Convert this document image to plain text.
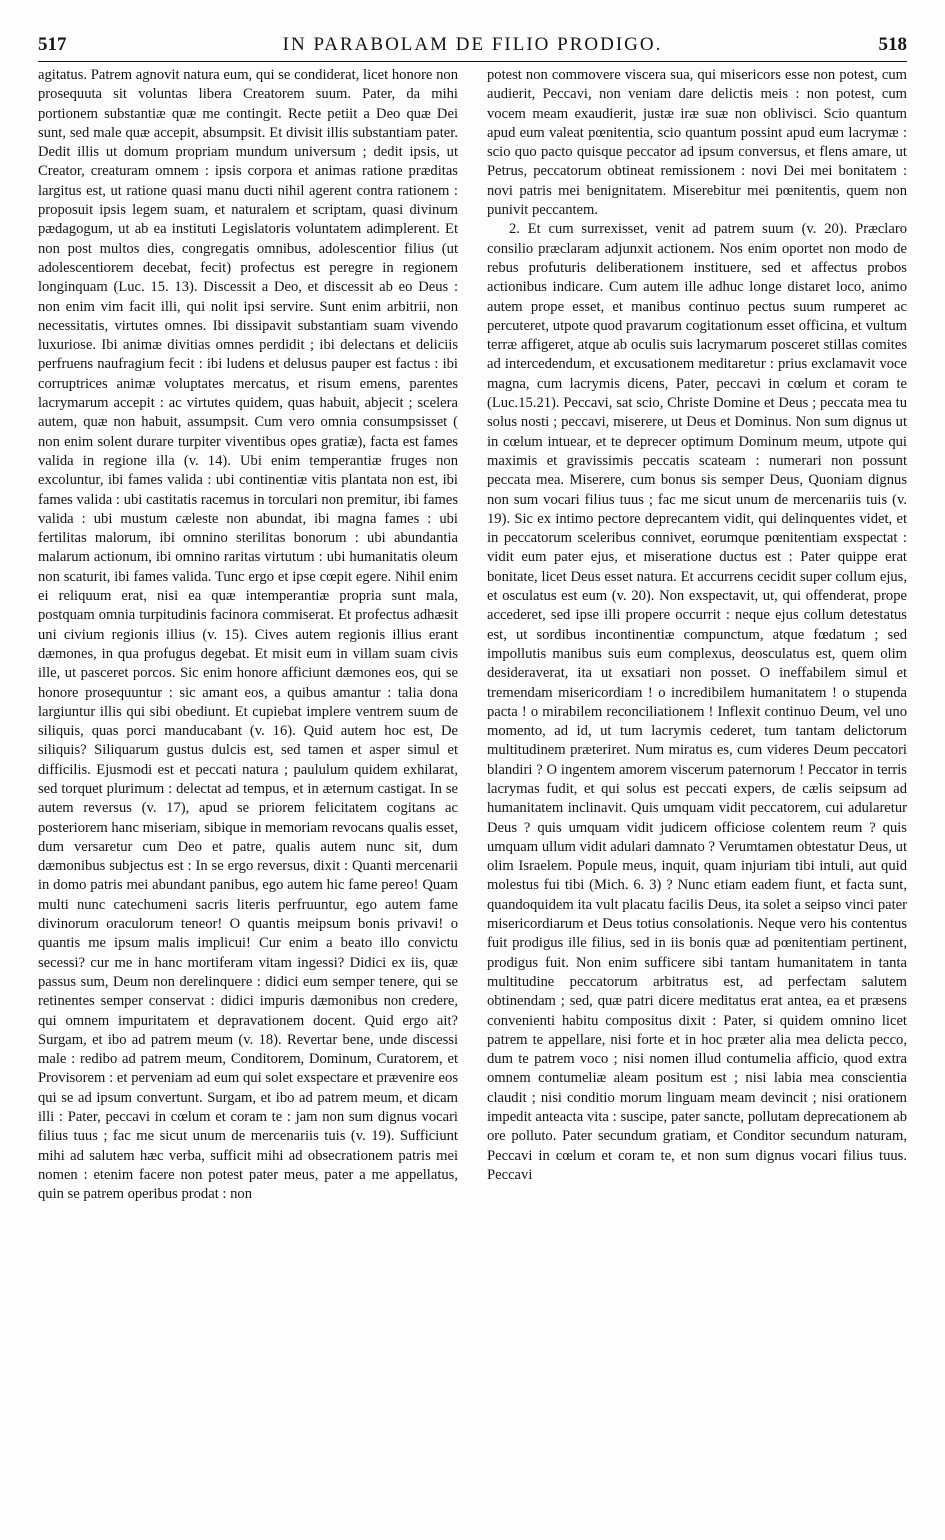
517	IN PARABOLAM DE FILIO PRODIGO.	518

agitatus. Patrem agnovit natura eum, qui se condiderat, licet honore non prosequuta sit voluntas libera Creatorem suum. Pater, da mihi portionem substantiæ quæ me contingit. Recte petiit a Deo quæ Dei sunt, sed male quæ accepit, absumpsit. Et divisit illis substantiam pater. Dedit illis ut domum propriam mundum universum ; dedit ipsis, ut Creator, creaturam omnem : ipsis corpora et animas ratione præditas largitus est, ut ratione quasi manu ducti nihil agerent contra rationem : proposuit ipsis legem suam, et naturalem et scriptam, quasi divinum pædagogum, ut ab ea instituti Legislatoris voluntatem adimplerent. Et non post multos dies, congregatis omnibus, adolescentior filius (ut adolescentiorem decebat, fecit) profectus est peregre in regionem longinquam (Luc. 15. 13). Discessit a Deo, et discessit ab eo Deus : non enim vim facit illi, qui nolit ipsi servire. Sunt enim arbitrii, non necessitatis, virtutes omnes. Ibi dissipavit substantiam suam vivendo luxuriose. Ibi animæ divitias omnes perdidit ; ibi delectans et deliciis perfruens naufragium fecit : ibi ludens et delusus pauper est factus : ibi corruptrices animæ voluptates mercatus, et risum emens, parentes lacrymarum accepit : ac virtutes quidem, quas habuit, abjecit ; scelera autem, quæ non habuit, assumpsit. Cum vero omnia consumpsisset ( non enim solent durare turpiter viventibus opes gratiæ), facta est fames valida in regione illa (v. 14). Ubi enim temperantiæ fruges non excoluntur, ibi fames valida : ubi continentiæ vitis plantata non est, ibi fames valida : ubi castitatis racemus in torculari non premitur, ibi fames valida : ubi mustum cæleste non abundat, ibi magna fames : ubi fertilitas malorum, ibi omnino sterilitas bonorum : ubi abundantia malarum actionum, ibi omnino raritas virtutum : ubi humanitatis oleum non scaturit, ibi fames valida. Tunc ergo et ipse cœpit egere. Nihil enim ei reliquum erat, nisi ea quæ intemperantiæ propria sunt mala, postquam omnia turpitudinis facinora commiserat. Et profectus adhæsit uni civium regionis illius (v. 15). Cives autem regionis illius erant dæmones, in qua profugus degebat. Et misit eum in villam suam civis ille, ut pasceret porcos. Sic enim honore afficiunt dæmones eos, qui se honore prosequuntur : sic amant eos, a quibus amantur : talia dona largiuntur illis qui sibi obediunt. Et cupiebat implere ventrem suum de siliquis, quas porci manducabant (v. 16). Quid autem hoc est, De siliquis? Siliquarum gustus dulcis est, sed tamen et asper simul et difficilis. Ejusmodi est et peccati natura ; paululum quidem exhilarat, sed torquet plurimum : delectat ad tempus, et in æternum castigat. In se autem reversus (v. 17), apud se priorem felicitatem cogitans ac posteriorem hanc miseriam, sibique in memoriam revocans qualis esset, dum versaretur cum Deo et patre, qualis autem nunc sit, dum dæmonibus subjectus est : In se ergo reversus, dixit : Quanti mercenarii in domo patris mei abundant panibus, ego autem hic fame pereo! Quam multi nunc catechumeni sacris literis perfruuntur, ego autem fame divinorum oraculorum teneor! O quantis meipsum bonis privavi! o quantis me ipsum malis implicui! Cur enim a beato illo convictu secessi? cur me in hanc mortiferam vitam ingessi? Didici ex iis, quæ passus sum, Deum non derelinquere : didici eum semper tenere, qui se retinentes semper conservat : didici impuris dæmonibus non credere, qui omnem impuritatem et depravationem docent. Quid ergo ait? Surgam, et ibo ad patrem meum (v. 18). Revertar bene, unde discessi male : redibo ad patrem meum, Conditorem, Dominum, Curatorem, et Provisorem : et perveniam ad eum qui solet exspectare et prævenire eos qui se ad ipsum convertunt. Surgam, et ibo ad patrem meum, et dicam illi : Pater, peccavi in cœlum et coram te : jam non sum dignus vocari filius tuus ; fac me sicut unum de mercenariis tuis (v. 19). Sufficiunt mihi ad salutem hæc verba, sufficit mihi ad obsecrationem patris mei nomen : etenim facere non potest pater meus, pater a me appellatus, quin se patrem operibus prodat : non

potest non commovere viscera sua, qui misericors esse non potest, cum audierit, Peccavi, non veniam dare delictis meis : non potest, cum vocem meam exaudierit, justæ iræ suæ non oblivisci. Scio quantum apud eum valeat pœnitentia, scio quantum possint apud eum lacrymæ : scio quo pacto quisque peccator ad ipsum conversus, et flens amare, ut Petrus, peccatorum obtineat remissionem : novi Dei mei bonitatem : novi patris mei benignitatem. Miserebitur mei pœnitentis, quem non punivit peccantem.

2. Et cum surrexisset, venit ad patrem suum (v. 20). Præclaro consilio præclaram adjunxit actionem. Nos enim oportet non modo de rebus profuturis deliberationem instituere, sed et affectus probos actionibus indicare. Cum autem ille adhuc longe distaret loco, animo autem prope esset, et manibus continuo pectus suum rumperet ac percuteret, utpote quod pravarum cogitationum esset officina, et vultum terræ affigeret, atque ab oculis suis lacrymarum posceret stillas comites ad intercedendum, et excusationem meditaretur : prius exclamavit voce magna, cum lacrymis dicens, Pater, peccavi in cœlum et coram te (Luc.15.21). Peccavi, sat scio, Christe Domine et Deus ; peccata mea tu solus nosti ; peccavi, miserere, ut Deus et Dominus. Non sum dignus ut in cœlum intuear, et te deprecer optimum Dominum meum, utpote qui maximis et gravissimis peccatis scateam : numerari non possunt peccata mea. Miserere, cum bonus sis semper Deus, Quoniam dignus non sum vocari filius tuus ; fac me sicut unum de mercenariis tuis (v. 19). Sic ex intimo pectore deprecantem vidit, qui delinquentes videt, et in peccatorum sceleribus connivet, eorumque pœnitentiam exspectat : vidit eum pater ejus, et miseratione ductus est : Pater quippe erat bonitate, licet Deus esset natura. Et accurrens cecidit super collum ejus, et osculatus est eum (v. 20). Non exspectavit, ut, qui offenderat, prope accederet, sed ipse illi propere occurrit : neque ejus collum detestatus est, ut sordibus incontinentiæ compunctum, atque fœdatum ; sed impollutis manibus suis eum complexus, deosculatus est, quem olim desideraverat, ita ut exsatiari non posset. O ineffabilem simul et tremendam misericordiam ! o incredibilem humanitatem ! o stupenda pacta ! o mirabilem reconciliationem ! Inflexit continuo Deum, vel uno momento, ad id, ut tum lacrymis cederet, tum tantam delictorum multitudinem præteriret. Num miratus es, cum videres Deum peccatori blandiri ? O ingentem amorem viscerum paternorum ! Peccator in terris lacrymas fudit, et qui solus est peccati expers, de cælis seipsum ad humanitatem inclinavit. Quis umquam vidit peccatorem, cui adularetur Deus ? quis umquam vidit judicem officiose colentem reum ? quis umquam ullum vidit adulari damnato ? Verumtamen obtestatur Deus, ut olim Israelem. Popule meus, inquit, quam injuriam tibi intuli, aut quid molestus fui tibi (Mich. 6. 3) ? Nunc etiam eadem fiunt, et facta sunt, quandoquidem ita vult placatu facilis Deus, ita solet a seipso vinci pater misericordiarum et Deus totius consolationis. Neque vero his contentus fuit prodigus ille filius, sed in iis bonis quæ ad pœnitentiam pertinent, prodigus fuit. Non enim sufficere sibi tantam humanitatem in tanta multitudine peccatorum arbitratus est, ad perfectam salutem obtinendam ; sed, quæ patri dicere meditatus erat antea, ea et præsens convenienti habitu compositus dixit : Pater, si quidem omnino licet patrem te appellare, nisi forte et in hoc præter alia mea delicta pecco, dum te patrem voco ; nisi nomen illud contumelia afficio, quod extra omnem contumeliæ aleam positum est ; nisi labia mea conscientia claudit ; nisi conditio morum linguam meam devincit ; nisi orationem impedit anteacta vita : suscipe, pater sancte, pollutam deprecationem ab ore polluto. Pater secundum gratiam, et Conditor secundum naturam, Peccavi in cœlum et coram te, et non sum dignus vocari filius tuus. Peccavi
